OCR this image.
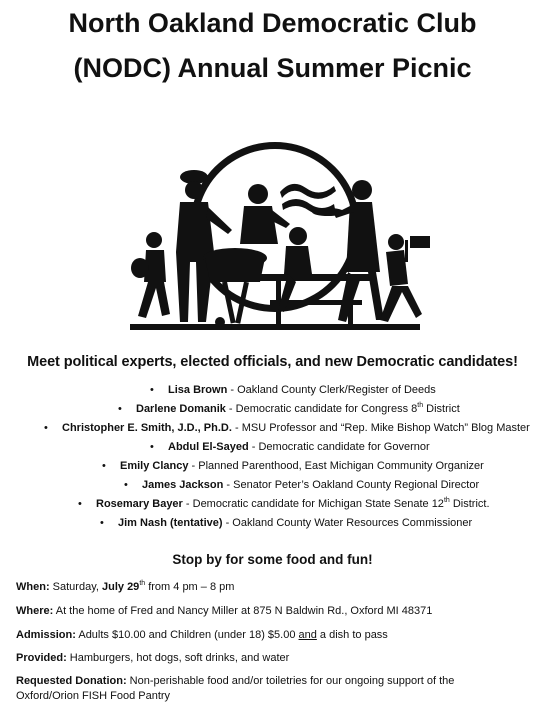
North Oakland Democratic Club
(NODC) Annual Summer Picnic
Meet political experts, elected officials, and new Democratic candidates!
• Lisa Brown - Oakland County Clerk/Register of Deeds
• Darlene Domanik - Democratic candidate for Congress 8th District
• Christopher E. Smith, J.D., Ph.D. - MSU Professor and “Rep. Mike Bishop Watch” Blog Master
• Abdul El-Sayed - Democratic candidate for Governor
• Emily Clancy - Planned Parenthood, East Michigan Community Organizer
• James Jackson - Senator Peter’s Oakland County Regional Director
• Rosemary Bayer - Democratic candidate for Michigan State Senate 12th District.
• Jim Nash (tentative) - Oakland County Water Resources Commissioner
Stop by for some food and fun!
When: Saturday, July 29th from 4 pm – 8 pm
Where: At the home of Fred and Nancy Miller at 875 N Baldwin Rd., Oxford MI 48371
Admission: Adults $10.00 and Children (under 18) $5.00 and a dish to pass
Provided: Hamburgers, hot dogs, soft drinks, and water
Requested Donation: Non-perishable food and/or toiletries for our ongoing support of the
Oxford/Orion FISH Food Pantry
